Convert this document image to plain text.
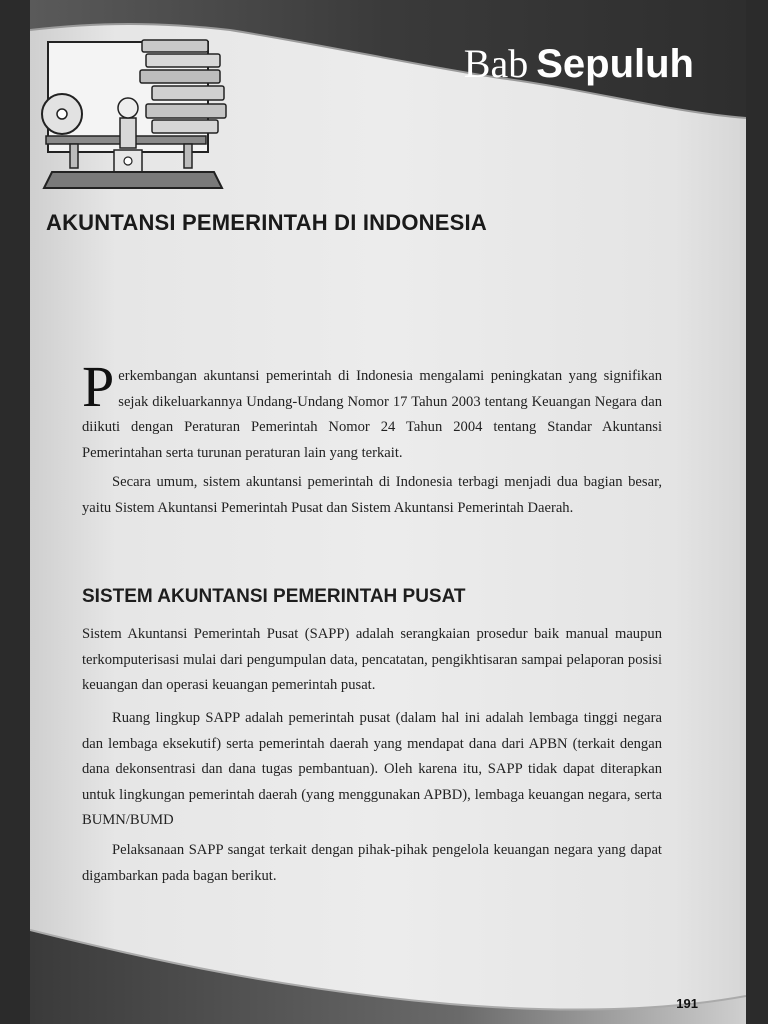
Bab Sepuluh
AKUNTANSI PEMERINTAH DI INDONESIA

Perkembangan akuntansi pemerintah di Indonesia mengalami peningkatan yang signifikan sejak dikeluarkannya Undang-Undang Nomor 17 Tahun 2003 tentang Keuangan Negara dan diikuti dengan Peraturan Pemerintah Nomor 24 Tahun 2004 tentang Standar Akuntansi Pemerintahan serta turunan peraturan lain yang terkait.

Secara umum, sistem akuntansi pemerintah di Indonesia terbagi menjadi dua bagian besar, yaitu Sistem Akuntansi Pemerintah Pusat dan Sistem Akuntansi Pemerintah Daerah.

SISTEM AKUNTANSI PEMERINTAH PUSAT

Sistem Akuntansi Pemerintah Pusat (SAPP) adalah serangkaian prosedur baik manual maupun terkomputerisasi mulai dari pengumpulan data, pencatatan, pengikhtisaran sampai pelaporan posisi keuangan dan operasi keuangan pemerintah pusat.

Ruang lingkup SAPP adalah pemerintah pusat (dalam hal ini adalah lembaga tinggi negara dan lembaga eksekutif) serta pemerintah daerah yang mendapat dana dari APBN (terkait dengan dana dekonsentrasi dan dana tugas pembantuan). Oleh karena itu, SAPP tidak dapat diterapkan untuk lingkungan pemerintah daerah (yang menggunakan APBD), lembaga keuangan negara, serta BUMN/BUMD

Pelaksanaan SAPP sangat terkait dengan pihak-pihak pengelola keuangan negara yang dapat digambarkan pada bagan berikut.

191
